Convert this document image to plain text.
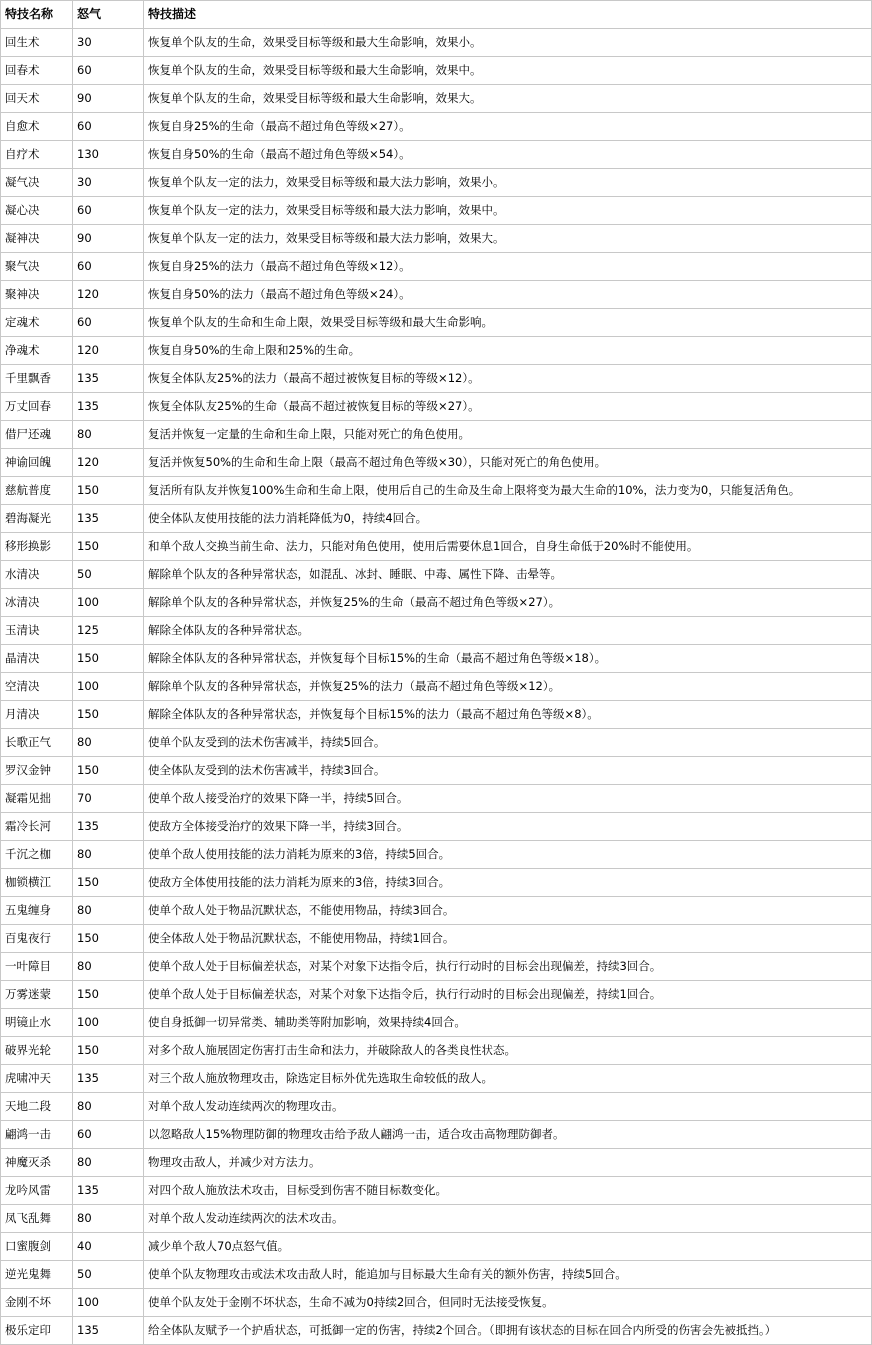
特技名称	怒气	特技描述
回生术	30	恢复单个队友的生命，效果受目标等级和最大生命影响，效果小。
回春术	60	恢复单个队友的生命，效果受目标等级和最大生命影响，效果中。
回天术	90	恢复单个队友的生命，效果受目标等级和最大生命影响，效果大。
自愈术	60	恢复自身25%的生命（最高不超过角色等级×27）。
自疗术	130	恢复自身50%的生命（最高不超过角色等级×54）。
凝气决	30	恢复单个队友一定的法力，效果受目标等级和最大法力影响，效果小。
凝心决	60	恢复单个队友一定的法力，效果受目标等级和最大法力影响，效果中。
凝神决	90	恢复单个队友一定的法力，效果受目标等级和最大法力影响，效果大。
聚气决	60	恢复自身25%的法力（最高不超过角色等级×12）。
聚神决	120	恢复自身50%的法力（最高不超过角色等级×24）。
定魂术	60	恢复单个队友的生命和生命上限，效果受目标等级和最大生命影响。
净魂术	120	恢复自身50%的生命上限和25%的生命。
千里飘香	135	恢复全体队友25%的法力（最高不超过被恢复目标的等级×12）。
万丈回春	135	恢复全体队友25%的生命（最高不超过被恢复目标的等级×27）。
借尸还魂	80	复活并恢复一定量的生命和生命上限，只能对死亡的角色使用。
神谕回魄	120	复活并恢复50%的生命和生命上限（最高不超过角色等级×30），只能对死亡的角色使用。
慈航普度	150	复活所有队友并恢复100%生命和生命上限，使用后自己的生命及生命上限将变为最大生命的10%，法力变为0，只能复活角色。
碧海凝光	135	使全体队友使用技能的法力消耗降低为0，持续4回合。
移形换影	150	和单个敌人交换当前生命、法力，只能对角色使用，使用后需要休息1回合，自身生命低于20%时不能使用。
水清决	50	解除单个队友的各种异常状态，如混乱、冰封、睡眠、中毒、属性下降、击晕等。
冰清决	100	解除单个队友的各种异常状态，并恢复25%的生命（最高不超过角色等级×27）。
玉清诀	125	解除全体队友的各种异常状态。
晶清决	150	解除全体队友的各种异常状态，并恢复每个目标15%的生命（最高不超过角色等级×18）。
空清决	100	解除单个队友的各种异常状态，并恢复25%的法力（最高不超过角色等级×12）。
月清决	150	解除全体队友的各种异常状态，并恢复每个目标15%的法力（最高不超过角色等级×8）。
长歌正气	80	使单个队友受到的法术伤害减半，持续5回合。
罗汉金钟	150	使全体队友受到的法术伤害减半，持续3回合。
凝霜见拙	70	使单个敌人接受治疗的效果下降一半，持续5回合。
霜冷长河	135	使敌方全体接受治疗的效果下降一半，持续3回合。
千沉之枷	80	使单个敌人使用技能的法力消耗为原来的3倍，持续5回合。
枷锁横江	150	使敌方全体使用技能的法力消耗为原来的3倍，持续3回合。
五鬼缠身	80	使单个敌人处于物品沉默状态，不能使用物品，持续3回合。
百鬼夜行	150	使全体敌人处于物品沉默状态，不能使用物品，持续1回合。
一叶障目	80	使单个敌人处于目标偏差状态，对某个对象下达指令后，执行行动时的目标会出现偏差，持续3回合。
万雾迷蒙	150	使单个敌人处于目标偏差状态，对某个对象下达指令后，执行行动时的目标会出现偏差，持续1回合。
明镜止水	100	使自身抵御一切异常类、辅助类等附加影响，效果持续4回合。
破界光轮	150	对多个敌人施展固定伤害打击生命和法力，并破除敌人的各类良性状态。
虎啸冲天	135	对三个敌人施放物理攻击，除选定目标外优先选取生命较低的敌人。
天地二段	80	对单个敌人发动连续两次的物理攻击。
翩鸿一击	60	以忽略敌人15%物理防御的物理攻击给予敌人翩鸿一击，适合攻击高物理防御者。
神魔灭杀	80	物理攻击敌人，并减少对方法力。
龙吟风雷	135	对四个敌人施放法术攻击，目标受到伤害不随目标数变化。
凤飞乱舞	80	对单个敌人发动连续两次的法术攻击。
口蜜腹剑	40	减少单个敌人70点怒气值。
逆光鬼舞	50	使单个队友物理攻击或法术攻击敌人时，能追加与目标最大生命有关的额外伤害，持续5回合。
金刚不坏	100	使单个队友处于金刚不坏状态，生命不减为0持续2回合，但同时无法接受恢复。
极乐定印	135	给全体队友赋予一个护盾状态，可抵御一定的伤害，持续2个回合。（即拥有该状态的目标在回合内所受的伤害会先被抵挡。）
